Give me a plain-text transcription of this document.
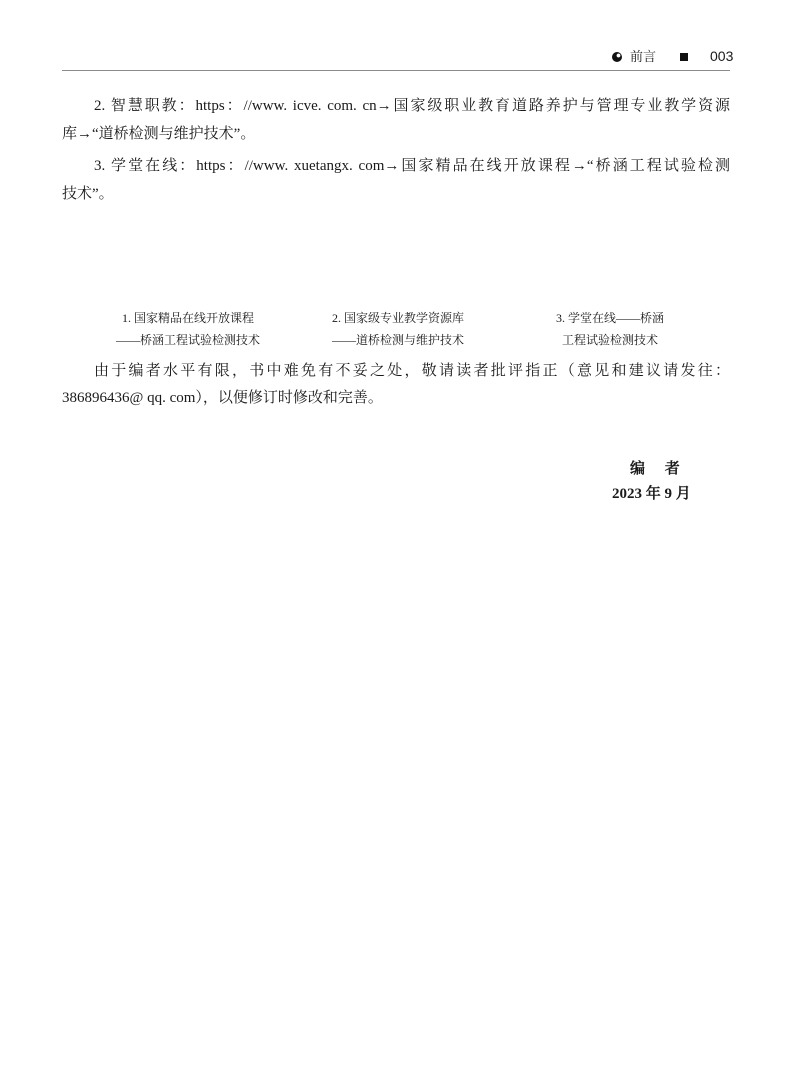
前言	003
2. 智慧职教：https：//www. icve. com. cn→国家级职业教育道路养护与管理专业教学资源
库→“道桥检测与维护技术”。
3. 学堂在线：https：//www. xuetangx. com→国家精品在线开放课程→“桥涵工程试验检测
技术”。
1. 国家精品在线开放课程
——桥涵工程试验检测技术
2. 国家级专业教学资源库
——道桥检测与维护技术
3. 学堂在线——桥涵
工程试验检测技术
由于编者水平有限，书中难免有不妥之处，敬请读者批评指正（意见和建议请发往：
386896436@ qq. com），以便修订时修改和完善。
编 者
2023 年 9 月
